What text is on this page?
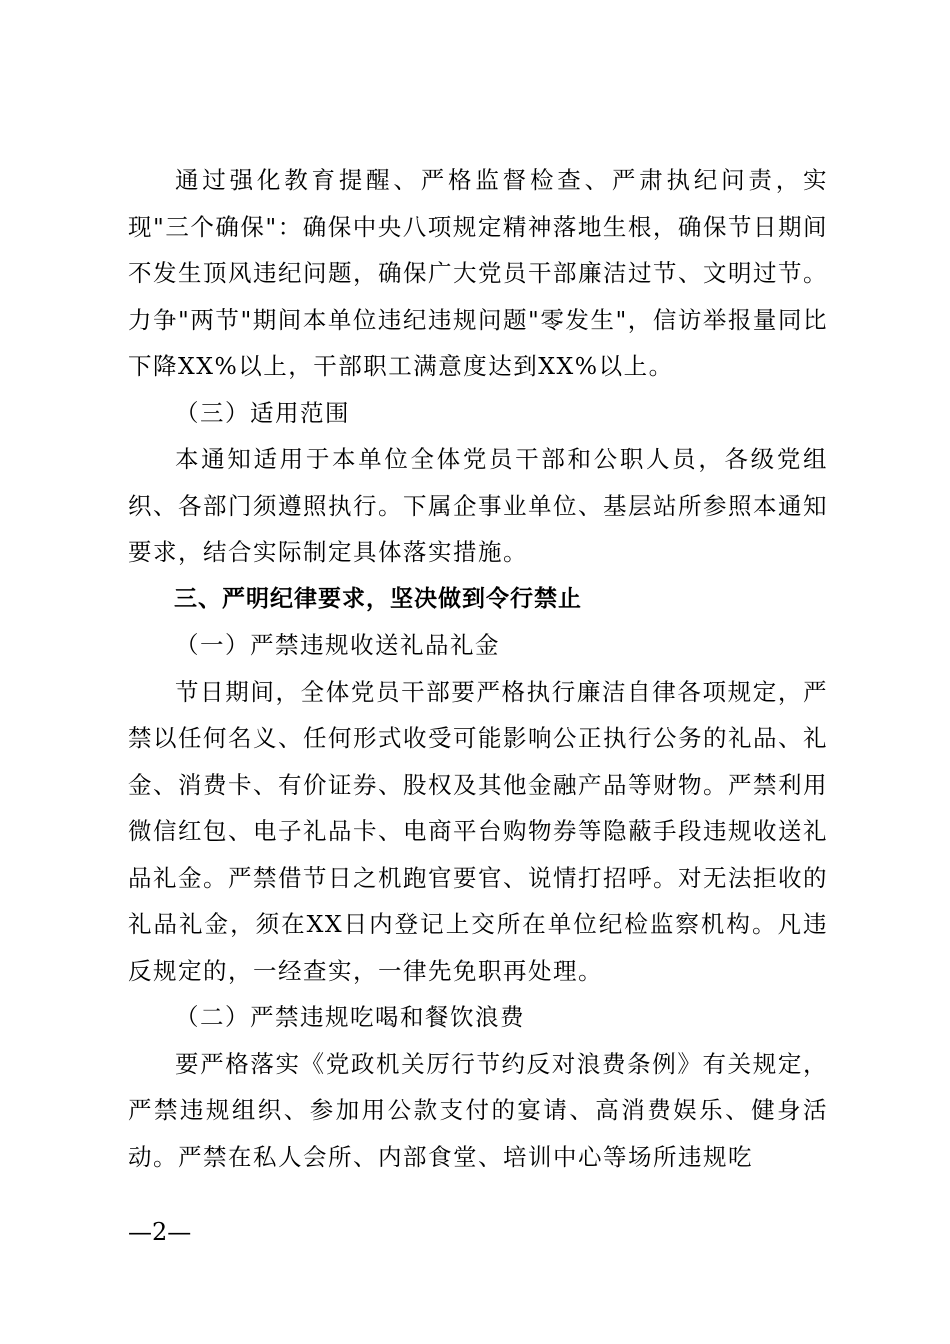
通过强化教育提醒、严格监督检查、严肃执纪问责，实现"三个确保"：确保中央八项规定精神落地生根，确保节日期间不发生顶风违纪问题，确保广大党员干部廉洁过节、文明过节。力争"两节"期间本单位违纪违规问题"零发生"，信访举报量同比下降XX%以上，干部职工满意度达到XX%以上。

（三）适用范围

本通知适用于本单位全体党员干部和公职人员，各级党组织、各部门须遵照执行。下属企事业单位、基层站所参照本通知要求，结合实际制定具体落实措施。

三、严明纪律要求，坚决做到令行禁止

（一）严禁违规收送礼品礼金

节日期间，全体党员干部要严格执行廉洁自律各项规定，严禁以任何名义、任何形式收受可能影响公正执行公务的礼品、礼金、消费卡、有价证券、股权及其他金融产品等财物。严禁利用微信红包、电子礼品卡、电商平台购物券等隐蔽手段违规收送礼品礼金。严禁借节日之机跑官要官、说情打招呼。对无法拒收的礼品礼金，须在XX日内登记上交所在单位纪检监察机构。凡违反规定的，一经查实，一律先免职再处理。

（二）严禁违规吃喝和餐饮浪费

要严格落实《党政机关厉行节约反对浪费条例》有关规定，严禁违规组织、参加用公款支付的宴请、高消费娱乐、健身活动。严禁在私人会所、内部食堂、培训中心等场所违规吃

—2—
